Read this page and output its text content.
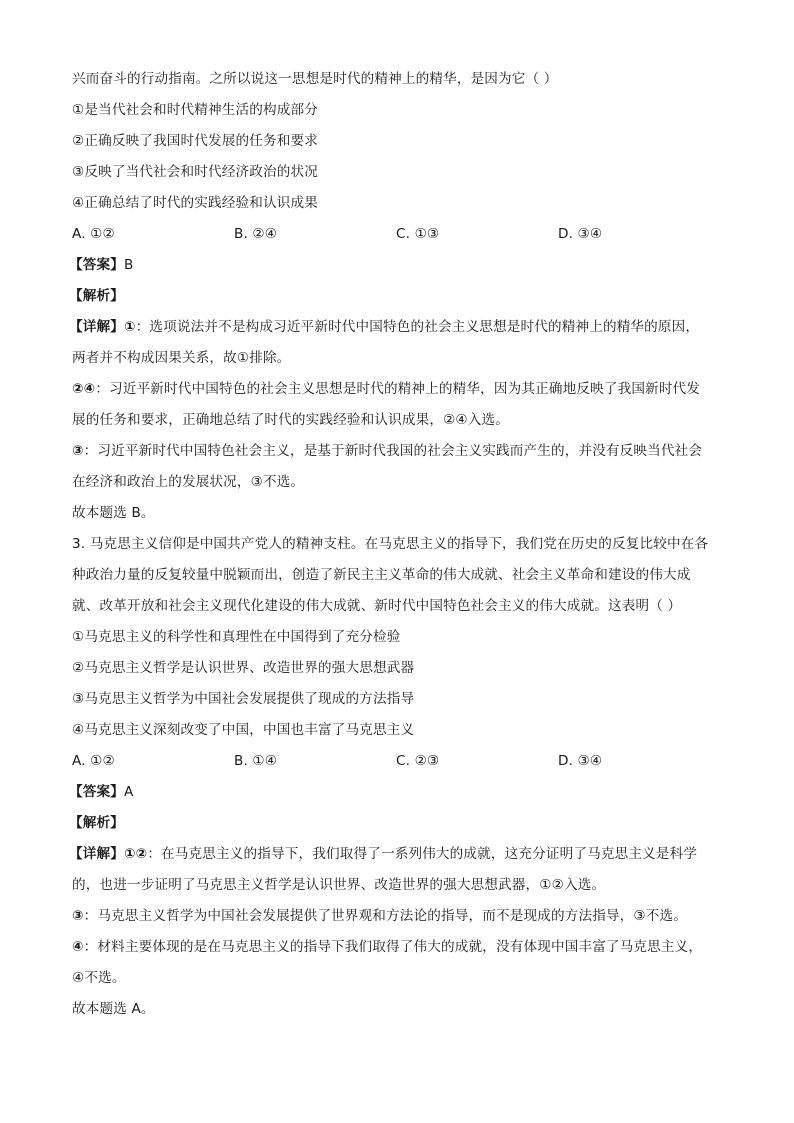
兴而奋斗的行动指南。之所以说这一思想是时代的精神上的精华，是因为它（ ）
①是当代社会和时代精神生活的构成部分
②正确反映了我国时代发展的任务和要求
③反映了当代社会和时代经济政治的状况
④正确总结了时代的实践经验和认识成果
A. ①②	B. ②④	C. ①③	D. ③④
【答案】B
【解析】
【详解】①：选项说法并不是构成习近平新时代中国特色的社会主义思想是时代的精神上的精华的原因，
两者并不构成因果关系，故①排除。
②④：习近平新时代中国特色的社会主义思想是时代的精神上的精华，因为其正确地反映了我国新时代发
展的任务和要求，正确地总结了时代的实践经验和认识成果，②④入选。
③：习近平新时代中国特色社会主义，是基于新时代我国的社会主义实践而产生的，并没有反映当代社会
在经济和政治上的发展状况，③不选。
故本题选 B。
3. 马克思主义信仰是中国共产党人的精神支柱。在马克思主义的指导下，我们党在历史的反复比较中在各
种政治力量的反复较量中脱颖而出，创造了新民主主义革命的伟大成就、社会主义革命和建设的伟大成
就、改革开放和社会主义现代化建设的伟大成就、新时代中国特色社会主义的伟大成就。这表明（ ）
①马克思主义的科学性和真理性在中国得到了充分检验
②马克思主义哲学是认识世界、改造世界的强大思想武器
③马克思主义哲学为中国社会发展提供了现成的方法指导
④马克思主义深刻改变了中国，中国也丰富了马克思主义
A. ①②	B. ①④	C. ②③	D. ③④
【答案】A
【解析】
【详解】①②：在马克思主义的指导下，我们取得了一系列伟大的成就，这充分证明了马克思主义是科学
的，也进一步证明了马克思主义哲学是认识世界、改造世界的强大思想武器，①②入选。
③：马克思主义哲学为中国社会发展提供了世界观和方法论的指导，而不是现成的方法指导，③不选。
④：材料主要体现的是在马克思主义的指导下我们取得了伟大的成就，没有体现中国丰富了马克思主义，
④不选。
故本题选 A。
